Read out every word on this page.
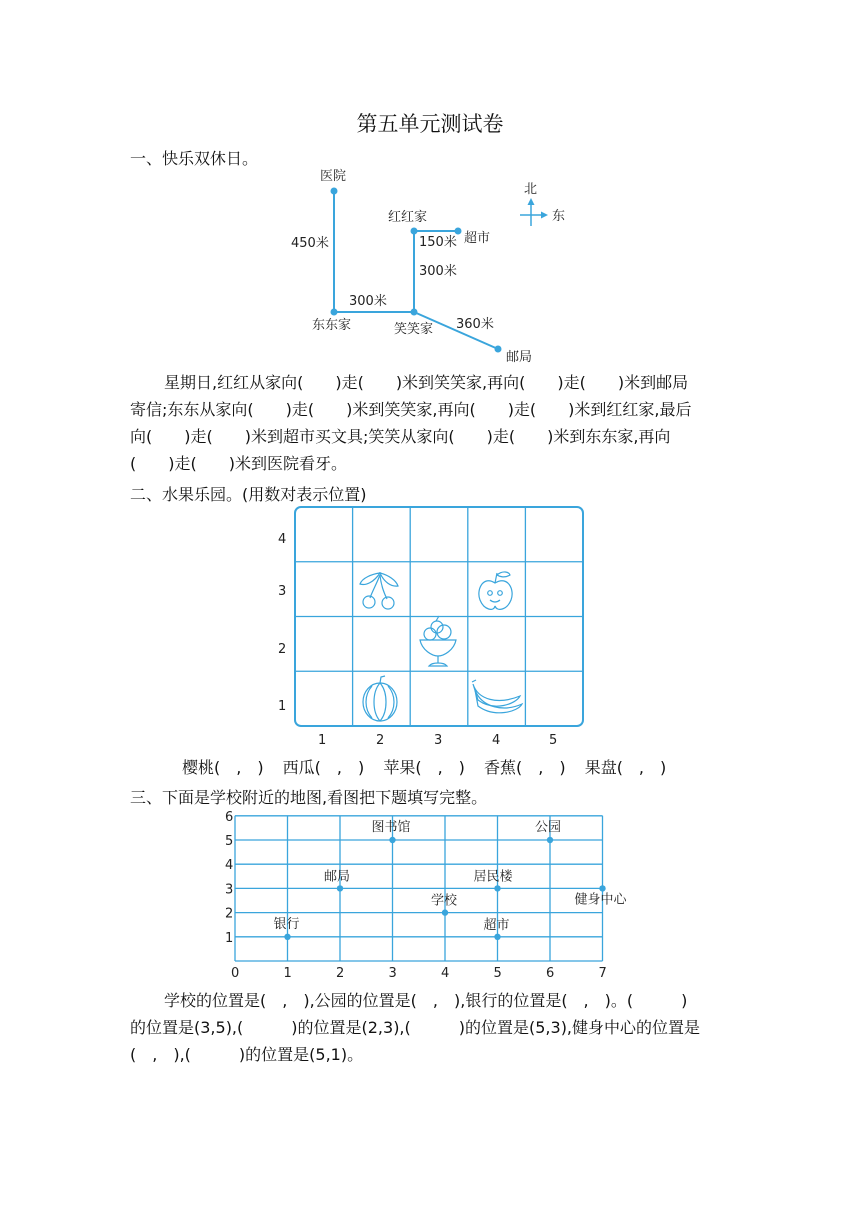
第五单元测试卷
一、快乐双休日。
医院
红红家
超市
东东家	笑笑家
邮局
450米	150米
300米
300米
360米
北
东
星期日,红红从家向(　　)走(　　)米到笑笑家,再向(　　)走(　　)米到邮局
寄信;东东从家向(　　)走(　　)米到笑笑家,再向(　　)走(　　)米到红红家,最后
向(　　)走(　　)米到超市买文具;笑笑从家向(　　)走(　　)米到东东家,再向
(　　)走(　　)米到医院看牙。
二、水果乐园。(用数对表示位置)
1	2	3	4	5
1
2
3
4
樱桃(　,　) 西瓜(　,　) 苹果(　,　) 香蕉(　,　) 果盘(　,　)
三、下面是学校附近的地图,看图把下题填写完整。
0	1	2	3	4	5	6	7
1
2
3
4
5
6
图书馆	公园
邮局	居民楼
学校	健身中心
银行	超市
学校的位置是(　,　),公园的位置是(　,　),银行的位置是(　,　)。(　　　)
的位置是(3,5),(　　　)的位置是(2,3),(　　　)的位置是(5,3),健身中心的位置是
(　,　),(　　　)的位置是(5,1)。
